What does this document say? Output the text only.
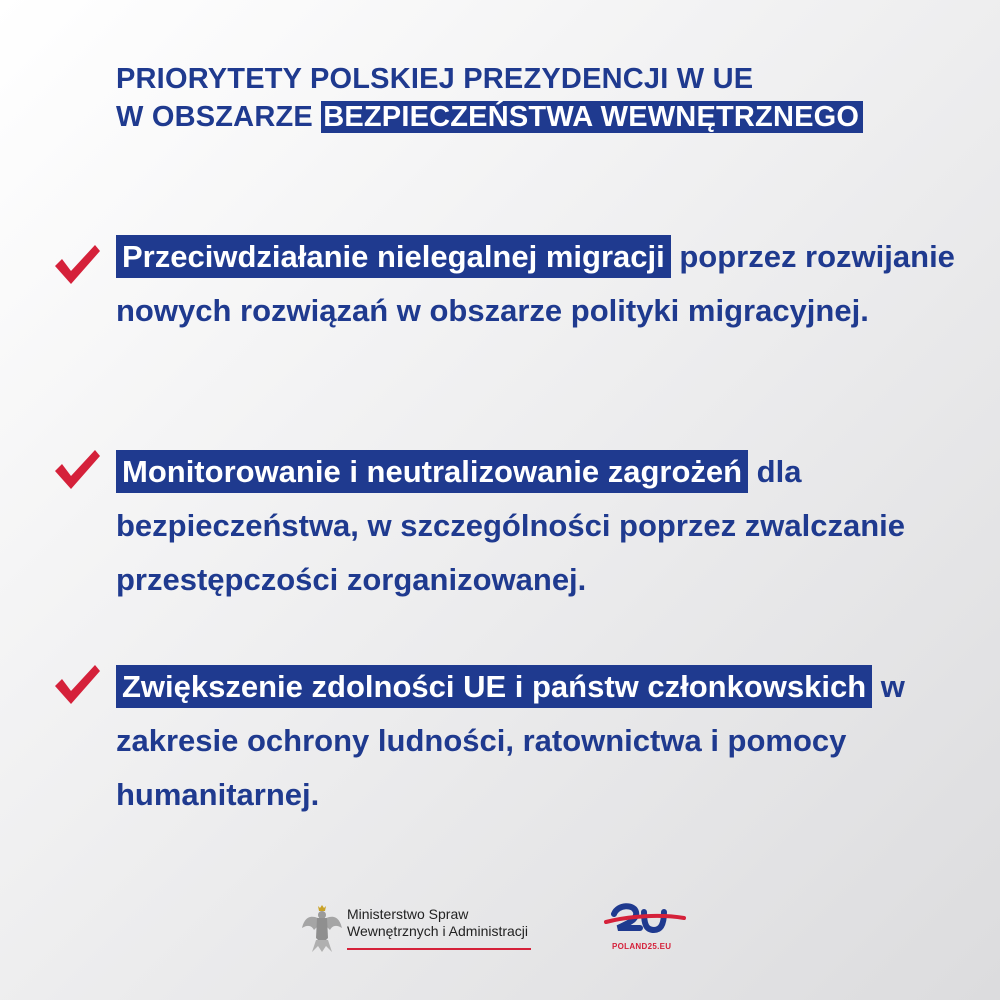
PRIORYTETY POLSKIEJ PREZYDENCJI W UE
W OBSZARZE BEZPIECZEŃSTWA WEWNĘTRZNEGO
Przeciwdziałanie nielegalnej migracji poprzez rozwijanie nowych rozwiązań w obszarze polityki migracyjnej.
Monitorowanie i neutralizowanie zagrożeń dla bezpieczeństwa, w szczególności poprzez zwalczanie przestępczości zorganizowanej.
Zwiększenie zdolności UE i państw członkowskich w zakresie ochrony ludności, ratownictwa i pomocy humanitarnej.
Ministerstwo Spraw
Wewnętrznych i Administracji
POLAND25.EU
